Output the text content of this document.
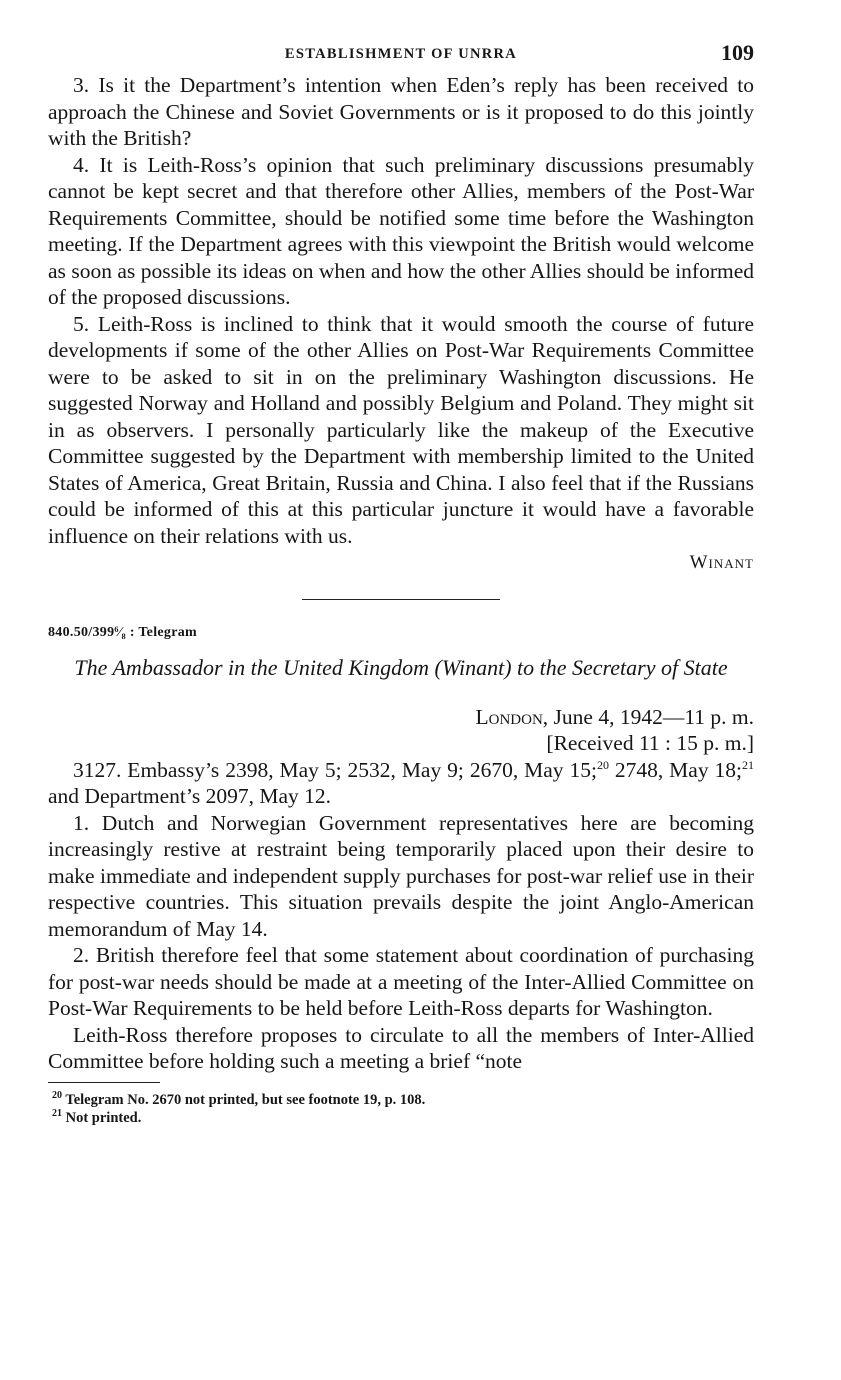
ESTABLISHMENT OF UNRRA	109

3. Is it the Department’s intention when Eden’s reply has been received to approach the Chinese and Soviet Governments or is it proposed to do this jointly with the British?

4. It is Leith-Ross’s opinion that such preliminary discussions presumably cannot be kept secret and that therefore other Allies, members of the Post-War Requirements Committee, should be notified some time before the Washington meeting. If the Department agrees with this viewpoint the British would welcome as soon as possible its ideas on when and how the other Allies should be informed of the proposed discussions.

5. Leith-Ross is inclined to think that it would smooth the course of future developments if some of the other Allies on Post-War Requirements Committee were to be asked to sit in on the preliminary Washington discussions. He suggested Norway and Holland and possibly Belgium and Poland. They might sit in as observers. I personally particularly like the makeup of the Executive Committee suggested by the Department with membership limited to the United States of America, Great Britain, Russia and China. I also feel that if the Russians could be informed of this at this particular juncture it would have a favorable influence on their relations with us.

Winant
840.50/399⁶⁄₈ : Telegram
The Ambassador in the United Kingdom (Winant) to the Secretary of State
London, June 4, 1942—11 p. m.
[Received 11 : 15 p. m.]

3127. Embassy’s 2398, May 5; 2532, May 9; 2670, May 15;$^{20}$ 2748, May 18;$^{21}$ and Department’s 2097, May 12.

1. Dutch and Norwegian Government representatives here are becoming increasingly restive at restraint being temporarily placed upon their desire to make immediate and independent supply purchases for post-war relief use in their respective countries. This situation prevails despite the joint Anglo-American memorandum of May 14.

2. British therefore feel that some statement about coordination of purchasing for post-war needs should be made at a meeting of the Inter-Allied Committee on Post-War Requirements to be held before Leith-Ross departs for Washington.

Leith-Ross therefore proposes to circulate to all the members of Inter-Allied Committee before holding such a meeting a brief “note

$^{20}$ Telegram No. 2670 not printed, but see footnote 19, p. 108.
$^{21}$ Not printed.
